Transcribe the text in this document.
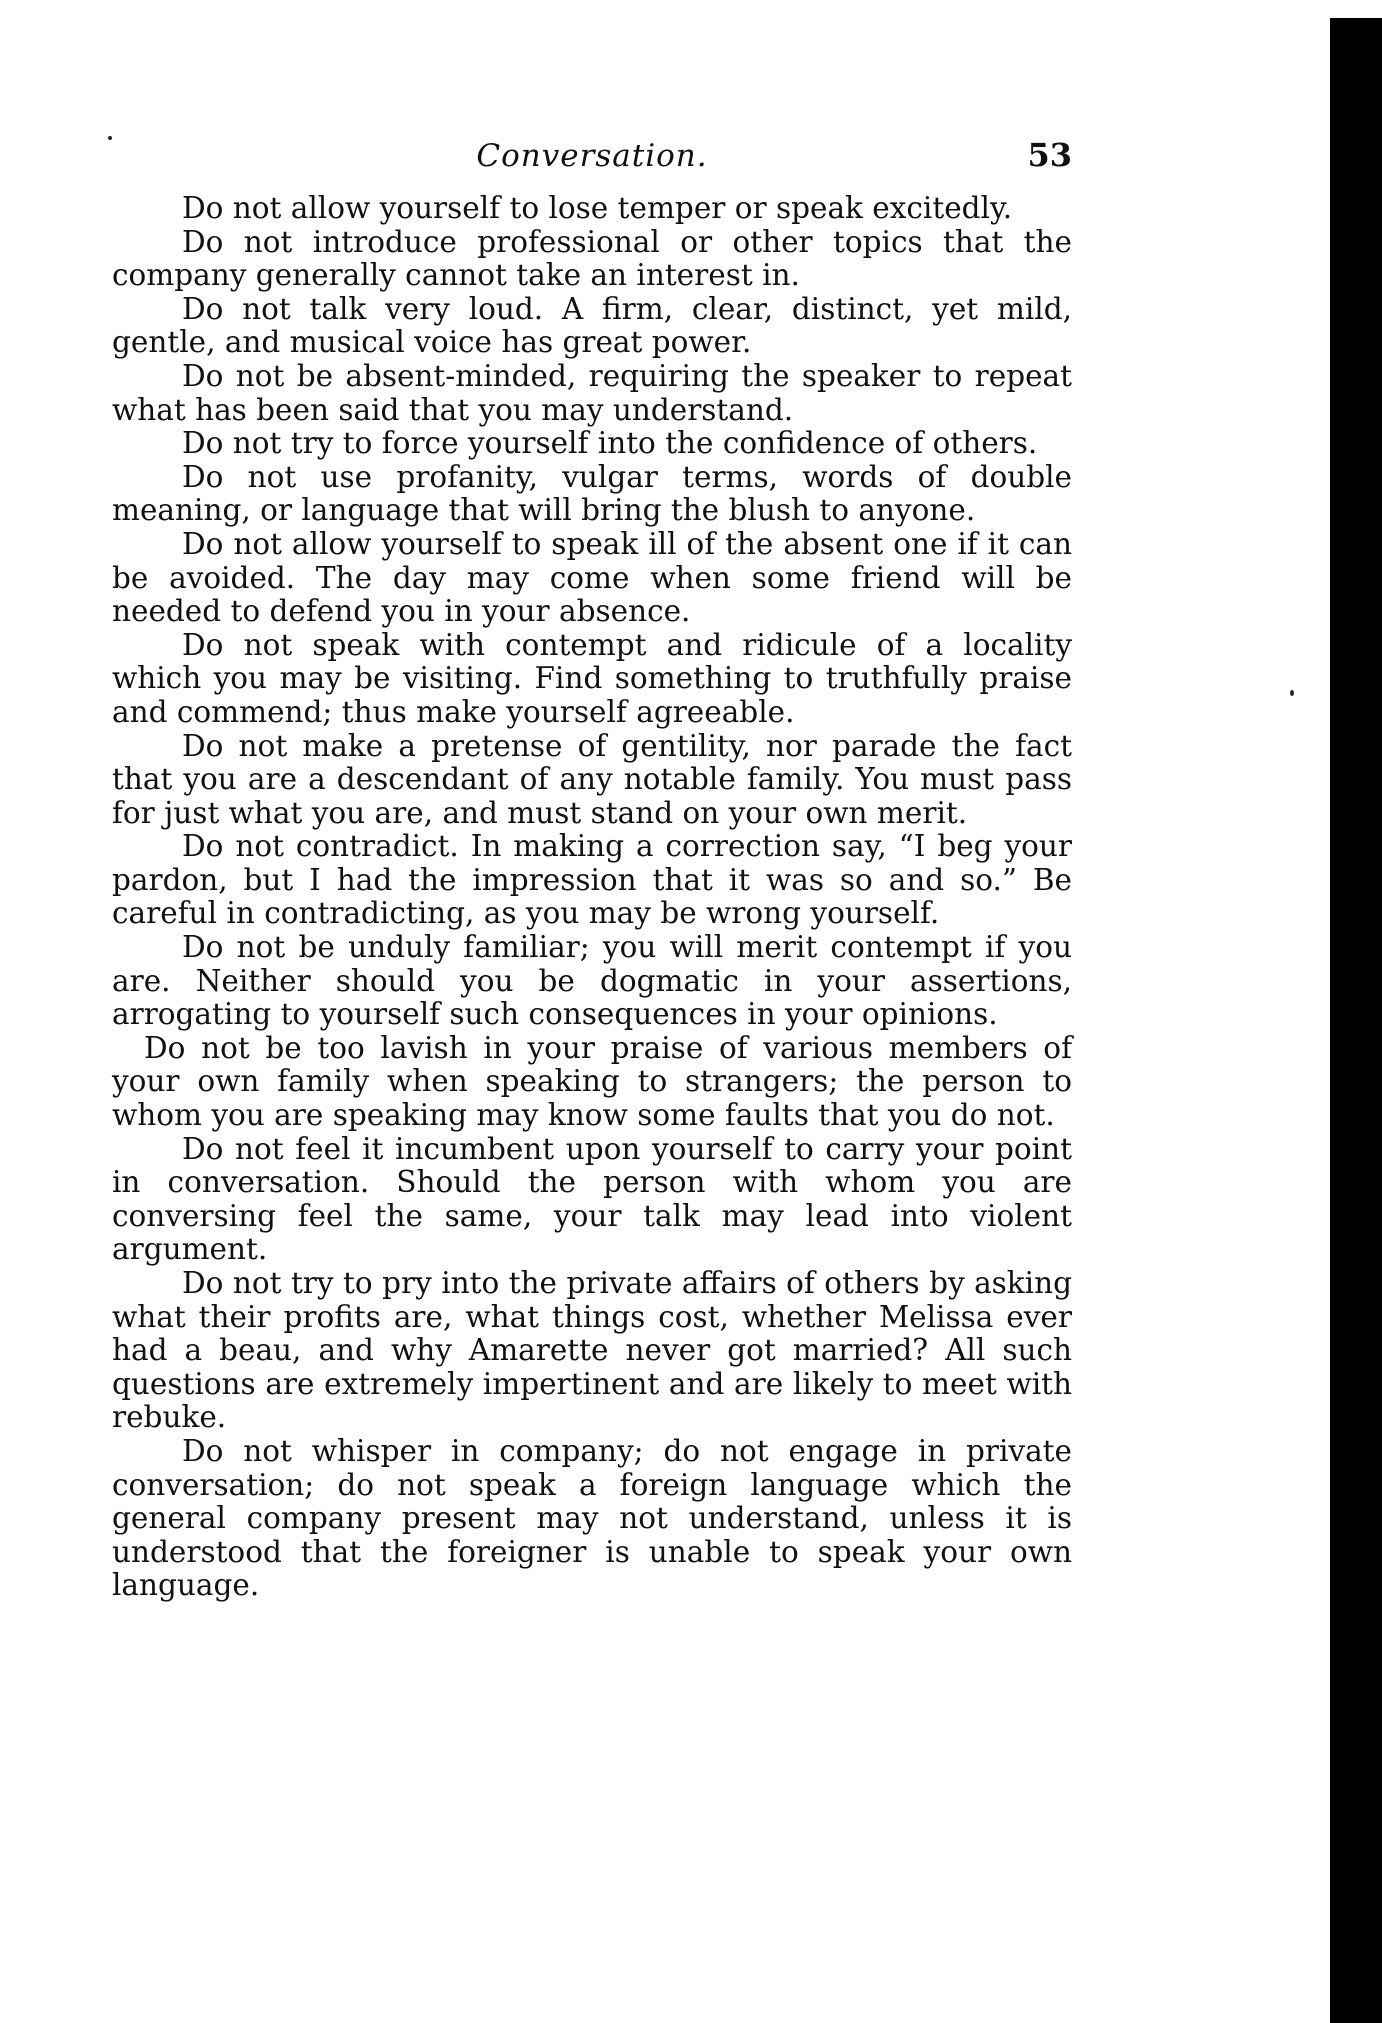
Conversation.	53

Do not allow yourself to lose temper or speak excitedly.

Do not introduce professional or other topics that the company generally cannot take an interest in.

Do not talk very loud. A firm, clear, distinct, yet mild, gentle, and musical voice has great power.

Do not be absent-minded, requiring the speaker to repeat what has been said that you may understand.

Do not try to force yourself into the confidence of others.

Do not use profanity, vulgar terms, words of double meaning, or language that will bring the blush to anyone.

Do not allow yourself to speak ill of the absent one if it can be avoided. The day may come when some friend will be needed to defend you in your absence.

Do not speak with contempt and ridicule of a locality which you may be visiting. Find something to truthfully praise and commend; thus make yourself agreeable.

Do not make a pretense of gentility, nor parade the fact that you are a descendant of any notable family. You must pass for just what you are, and must stand on your own merit.

Do not contradict. In making a correction say, “I beg your pardon, but I had the impression that it was so and so.” Be careful in contradicting, as you may be wrong yourself.

Do not be unduly familiar; you will merit contempt if you are. Neither should you be dogmatic in your assertions, arrogating to yourself such consequences in your opinions.

Do not be too lavish in your praise of various members of your own family when speaking to strangers; the person to whom you are speaking may know some faults that you do not.

Do not feel it incumbent upon yourself to carry your point in conversation. Should the person with whom you are conversing feel the same, your talk may lead into violent argument.

Do not try to pry into the private affairs of others by asking what their profits are, what things cost, whether Melissa ever had a beau, and why Amarette never got married? All such questions are extremely impertinent and are likely to meet with rebuke.

Do not whisper in company; do not engage in private conversation; do not speak a foreign language which the general company present may not understand, unless it is understood that the foreigner is unable to speak your own language.
